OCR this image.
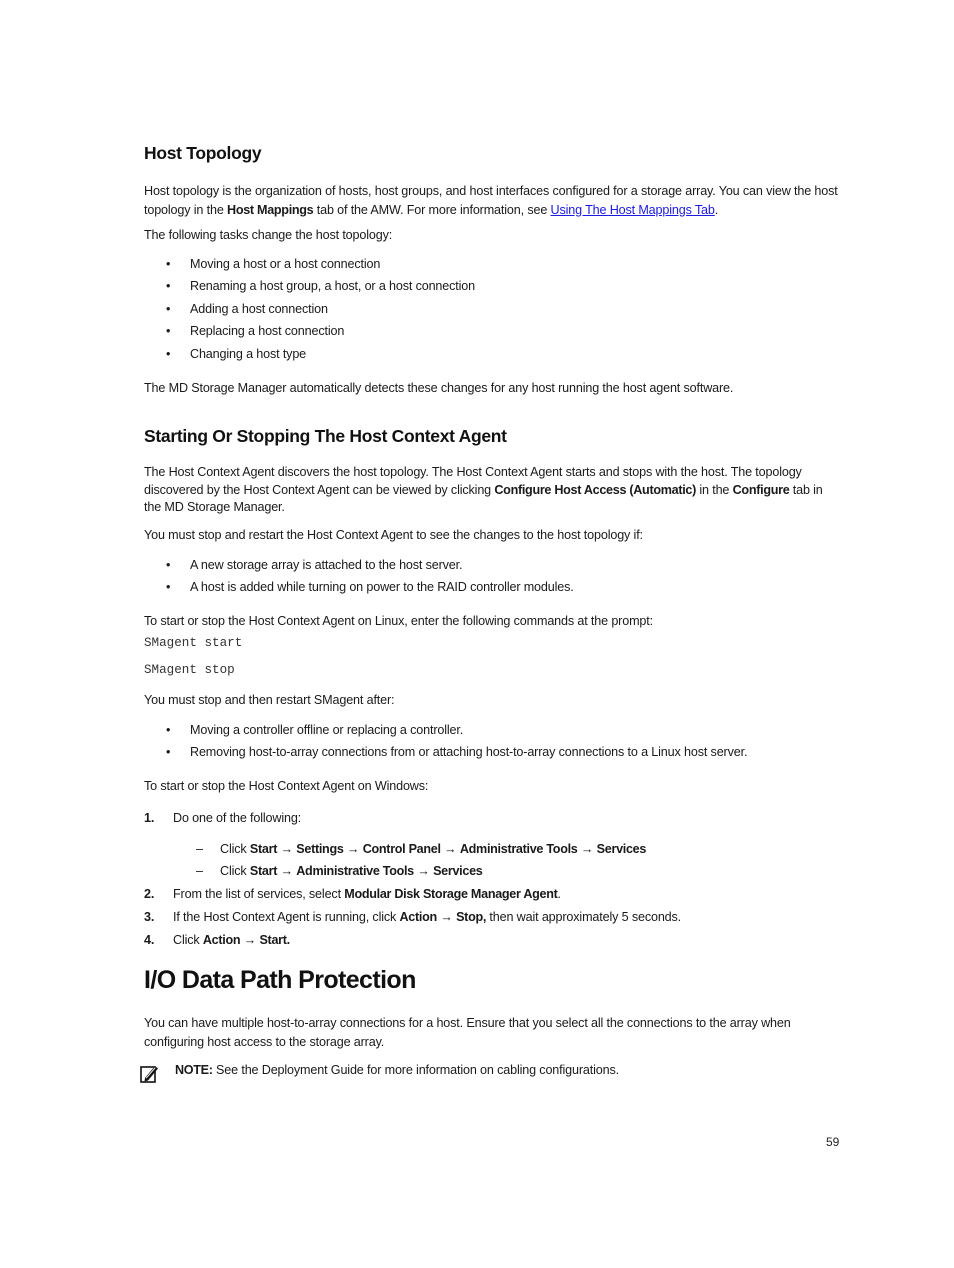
Host Topology
Host topology is the organization of hosts, host groups, and host interfaces configured for a storage array. You can view the host topology in the Host Mappings tab of the AMW. For more information, see Using The Host Mappings Tab.
The following tasks change the host topology:
• Moving a host or a host connection
• Renaming a host group, a host, or a host connection
• Adding a host connection
• Replacing a host connection
• Changing a host type
The MD Storage Manager automatically detects these changes for any host running the host agent software.
Starting Or Stopping The Host Context Agent
The Host Context Agent discovers the host topology. The Host Context Agent starts and stops with the host. The topology discovered by the Host Context Agent can be viewed by clicking Configure Host Access (Automatic) in the Configure tab in the MD Storage Manager.
You must stop and restart the Host Context Agent to see the changes to the host topology if:
• A new storage array is attached to the host server.
• A host is added while turning on power to the RAID controller modules.
To start or stop the Host Context Agent on Linux, enter the following commands at the prompt:
SMagent start
SMagent stop
You must stop and then restart SMagent after:
• Moving a controller offline or replacing a controller.
• Removing host-to-array connections from or attaching host-to-array connections to a Linux host server.
To start or stop the Host Context Agent on Windows:
1. Do one of the following:
– Click Start → Settings → Control Panel → Administrative Tools → Services
– Click Start → Administrative Tools → Services
2. From the list of services, select Modular Disk Storage Manager Agent.
3. If the Host Context Agent is running, click Action → Stop, then wait approximately 5 seconds.
4. Click Action → Start.
I/O Data Path Protection
You can have multiple host-to-array connections for a host. Ensure that you select all the connections to the array when configuring host access to the storage array.
NOTE: See the Deployment Guide for more information on cabling configurations.
59
